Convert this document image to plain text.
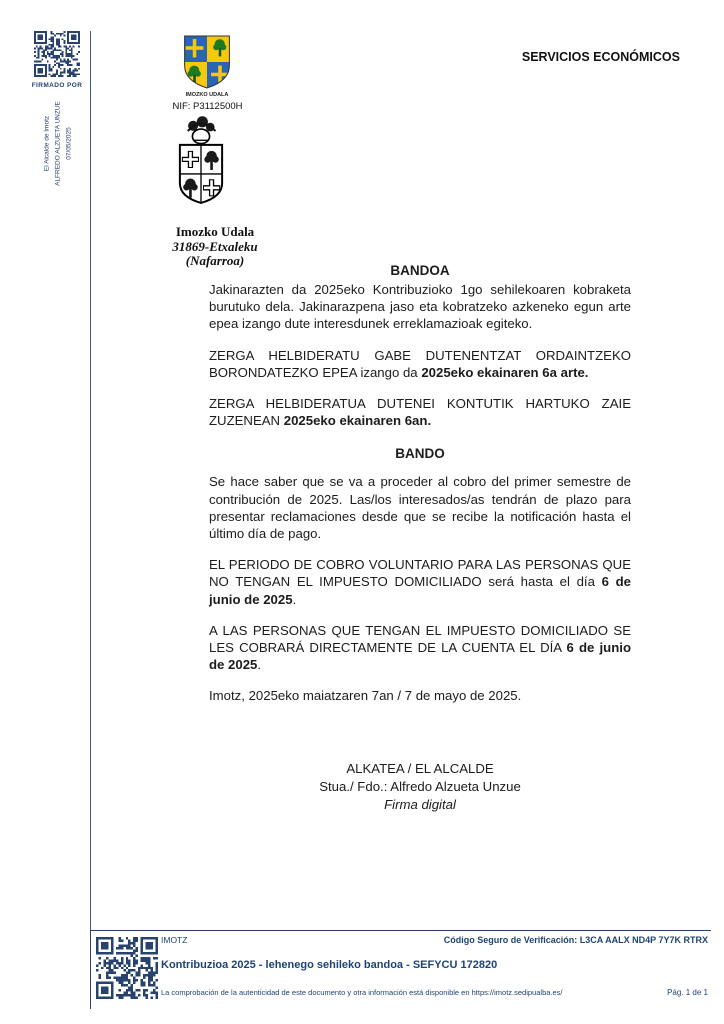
FIRMADO POR
El Alcalde de Imotz ALFREDO ALZUETA UNZUE 07/05/2025
IMOZKO UDALA
NIF: P3112500H
SERVICIOS ECONÓMICOS
Imozko Udala
31869-Etxaleku
(Nafarroa)
BANDOA

Jakinarazten da 2025eko Kontribuzioko 1go sehilekoaren kobraketa burutuko dela. Jakinarazpena jaso eta kobratzeko azkeneko egun arte epea izango dute interesdunek erreklamazioak egiteko.

ZERGA HELBIDERATU GABE DUTENENTZAT ORDAINTZEKO BORONDATEZKO EPEA izango da 2025eko ekainaren 6a arte.

ZERGA HELBIDERATUA DUTENEI KONTUTIK HARTUKO ZAIE ZUZENEAN 2025eko ekainaren 6an.

BANDO

Se hace saber que se va a proceder al cobro del primer semestre de contribución de 2025. Las/los interesados/as tendrán de plazo para presentar reclamaciones desde que se recibe la notificación hasta el último día de pago.

EL PERIODO DE COBRO VOLUNTARIO PARA LAS PERSONAS QUE NO TENGAN EL IMPUESTO DOMICILIADO será hasta el día 6 de junio de 2025.

A LAS PERSONAS QUE TENGAN EL IMPUESTO DOMICILIADO SE LES COBRARÁ DIRECTAMENTE DE LA CUENTA EL DÍA 6 de junio de 2025.

Imotz, 2025eko maiatzaren 7an / 7 de mayo de 2025.

ALKATEA / EL ALCALDE
Stua./ Fdo.: Alfredo Alzueta Unzue
Firma digital
IMOTZ	Código Seguro de Verificación: L3CA AALX ND4P 7Y7K RTRX
Kontribuzioa 2025 - lehenego sehileko bandoa - SEFYCU 172820
La comprobación de la autenticidad de este documento y otra información está disponible en https://imotz.sedipualba.es/	Pág. 1 de 1
